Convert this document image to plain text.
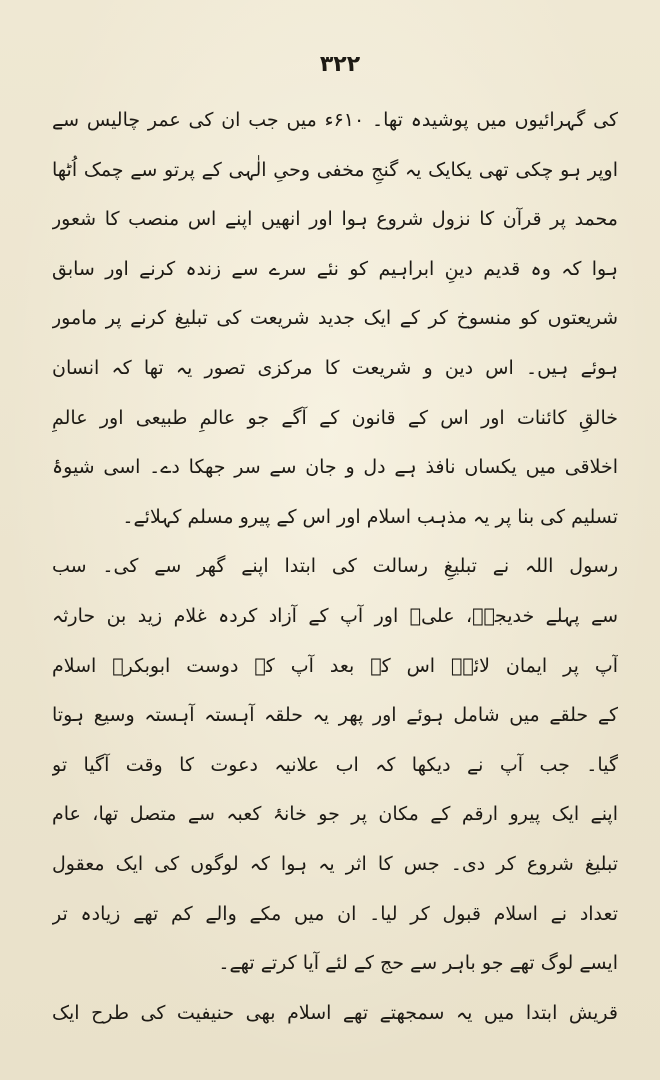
۳۲۲
کی گہرائیوں میں پوشیدہ تھا۔ ۶۱۰ء میں جب ان کی عمر چالیس سے
اوپر ہو چکی تھی یکایک یہ گنجِ مخفی وحیِ الٰہی کے پرتو سے چمک اُٹھا
محمد پر قرآن کا نزول شروع ہوا اور انھیں اپنے اس منصب کا شعور
ہوا کہ وہ قدیم دینِ ابراہیم کو نئے سرے سے زندہ کرنے اور سابق
شریعتوں کو منسوخ کر کے ایک جدید شریعت کی تبلیغ کرنے پر مامور
ہوئے ہیں۔ اس دین و شریعت کا مرکزی تصور یہ تھا کہ انسان
خالقِ کائنات اور اس کے قانون کے آگے جو عالمِ طبیعی اور عالمِ
اخلاقی میں یکساں نافذ ہے دل و جان سے سر جھکا دے۔ اسی شیوۂ
تسلیم کی بنا پر یہ مذہب اسلام اور اس کے پیرو مسلم کہلائے۔
رسول اللہ نے تبلیغِ رسالت کی ابتدا اپنے گھر سے کی۔ سب
سے پہلے خدیجہؓ، علیؓ اور آپ کے آزاد کردہ غلام زید بن حارثہ
آپ پر ایمان لائے۔ اس کے بعد آپ کے دوست ابوبکرؓ اسلام
کے حلقے میں شامل ہوئے اور پھر یہ حلقہ آہستہ آہستہ وسیع ہوتا
گیا۔ جب آپ نے دیکھا کہ اب علانیہ دعوت کا وقت آگیا تو
اپنے ایک پیرو ارقم کے مکان پر جو خانۂ کعبہ سے متصل تھا، عام
تبلیغ شروع کر دی۔ جس کا اثر یہ ہوا کہ لوگوں کی ایک معقول
تعداد نے اسلام قبول کر لیا۔ ان میں مکے والے کم تھے زیادہ تر
ایسے لوگ تھے جو باہر سے حج کے لئے آیا کرتے تھے۔
قریش ابتدا میں یہ سمجھتے تھے اسلام بھی حنیفیت کی طرح ایک
